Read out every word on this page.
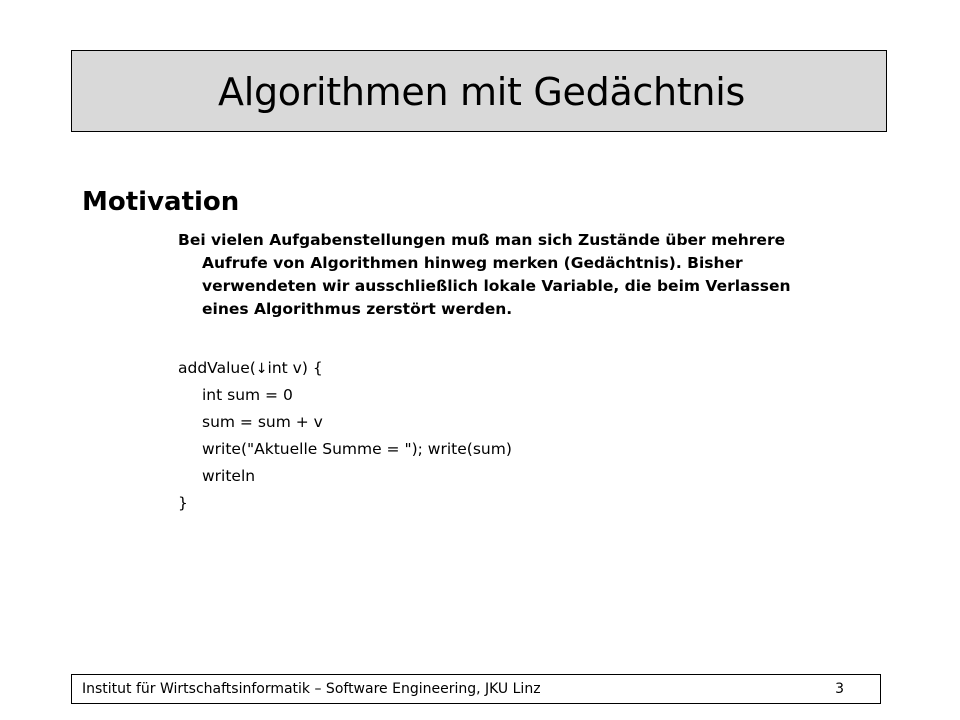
Algorithmen mit Gedächtnis
Motivation
Bei vielen Aufgabenstellungen muß man sich Zustände über mehrere
Aufrufe von Algorithmen hinweg merken (Gedächtnis). Bisher
verwendeten wir ausschließlich lokale Variable, die beim Verlassen
eines Algorithmus zerstört werden.
addValue(↓int v) {
int sum = 0
sum = sum + v
write("Aktuelle Summe = "); write(sum)
writeln
}
Institut für Wirtschaftsinformatik – Software Engineering, JKU Linz	3
